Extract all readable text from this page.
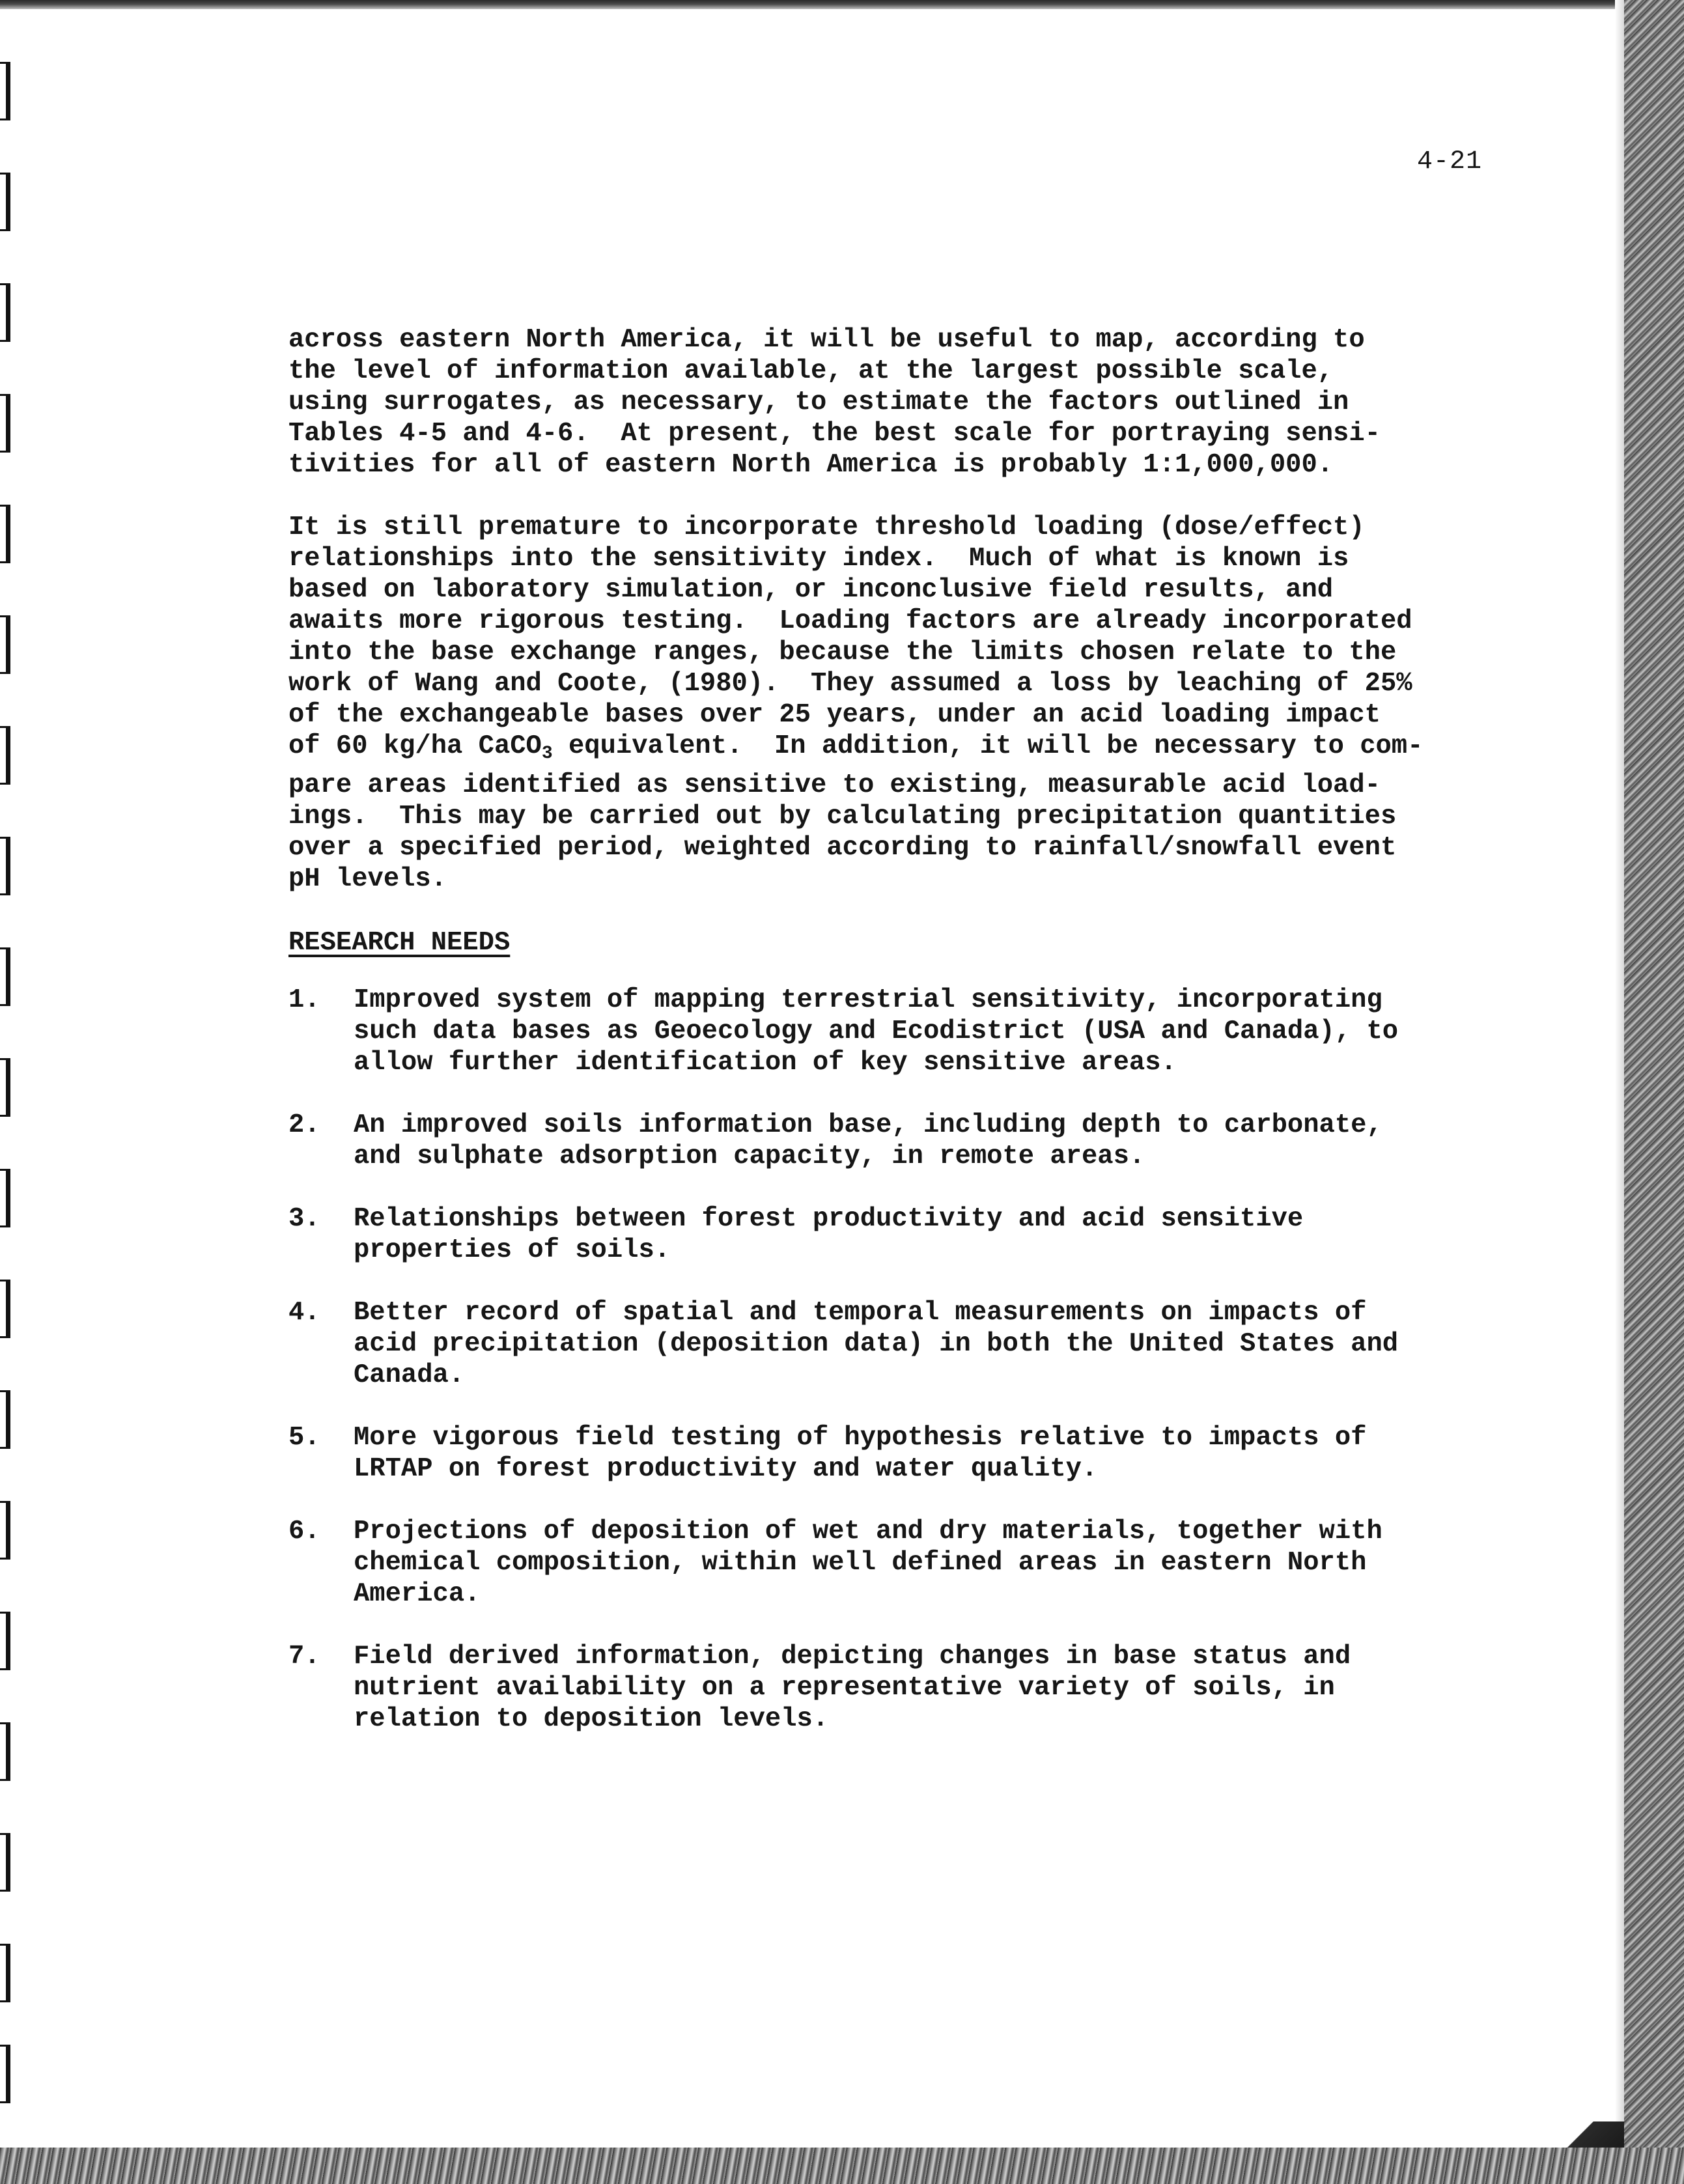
4-21

across eastern North America, it will be useful to map, according to
the level of information available, at the largest possible scale,
using surrogates, as necessary, to estimate the factors outlined in
Tables 4-5 and 4-6.  At present, the best scale for portraying sensi-
tivities for all of eastern North America is probably 1:1,000,000.

It is still premature to incorporate threshold loading (dose/effect)
relationships into the sensitivity index.  Much of what is known is
based on laboratory simulation, or inconclusive field results, and
awaits more rigorous testing.  Loading factors are already incorporated
into the base exchange ranges, because the limits chosen relate to the
work of Wang and Coote, (1980).  They assumed a loss by leaching of 25%
of the exchangeable bases over 25 years, under an acid loading impact
of 60 kg/ha CaCO$_3$ equivalent.  In addition, it will be necessary to com-
pare areas identified as sensitive to existing, measurable acid load-
ings.  This may be carried out by calculating precipitation quantities
over a specified period, weighted according to rainfall/snowfall event
pH levels.

RESEARCH NEEDS
1.	Improved system of mapping terrestrial sensitivity, incorporating
such data bases as Geoecology and Ecodistrict (USA and Canada), to
allow further identification of key sensitive areas.
2.	An improved soils information base, including depth to carbonate,
and sulphate adsorption capacity, in remote areas.
3.	Relationships between forest productivity and acid sensitive
properties of soils.
4.	Better record of spatial and temporal measurements on impacts of
acid precipitation (deposition data) in both the United States and
Canada.
5.	More vigorous field testing of hypothesis relative to impacts of
LRTAP on forest productivity and water quality.
6.	Projections of deposition of wet and dry materials, together with
chemical composition, within well defined areas in eastern North
America.
7.	Field derived information, depicting changes in base status and
nutrient availability on a representative variety of soils, in
relation to deposition levels.
